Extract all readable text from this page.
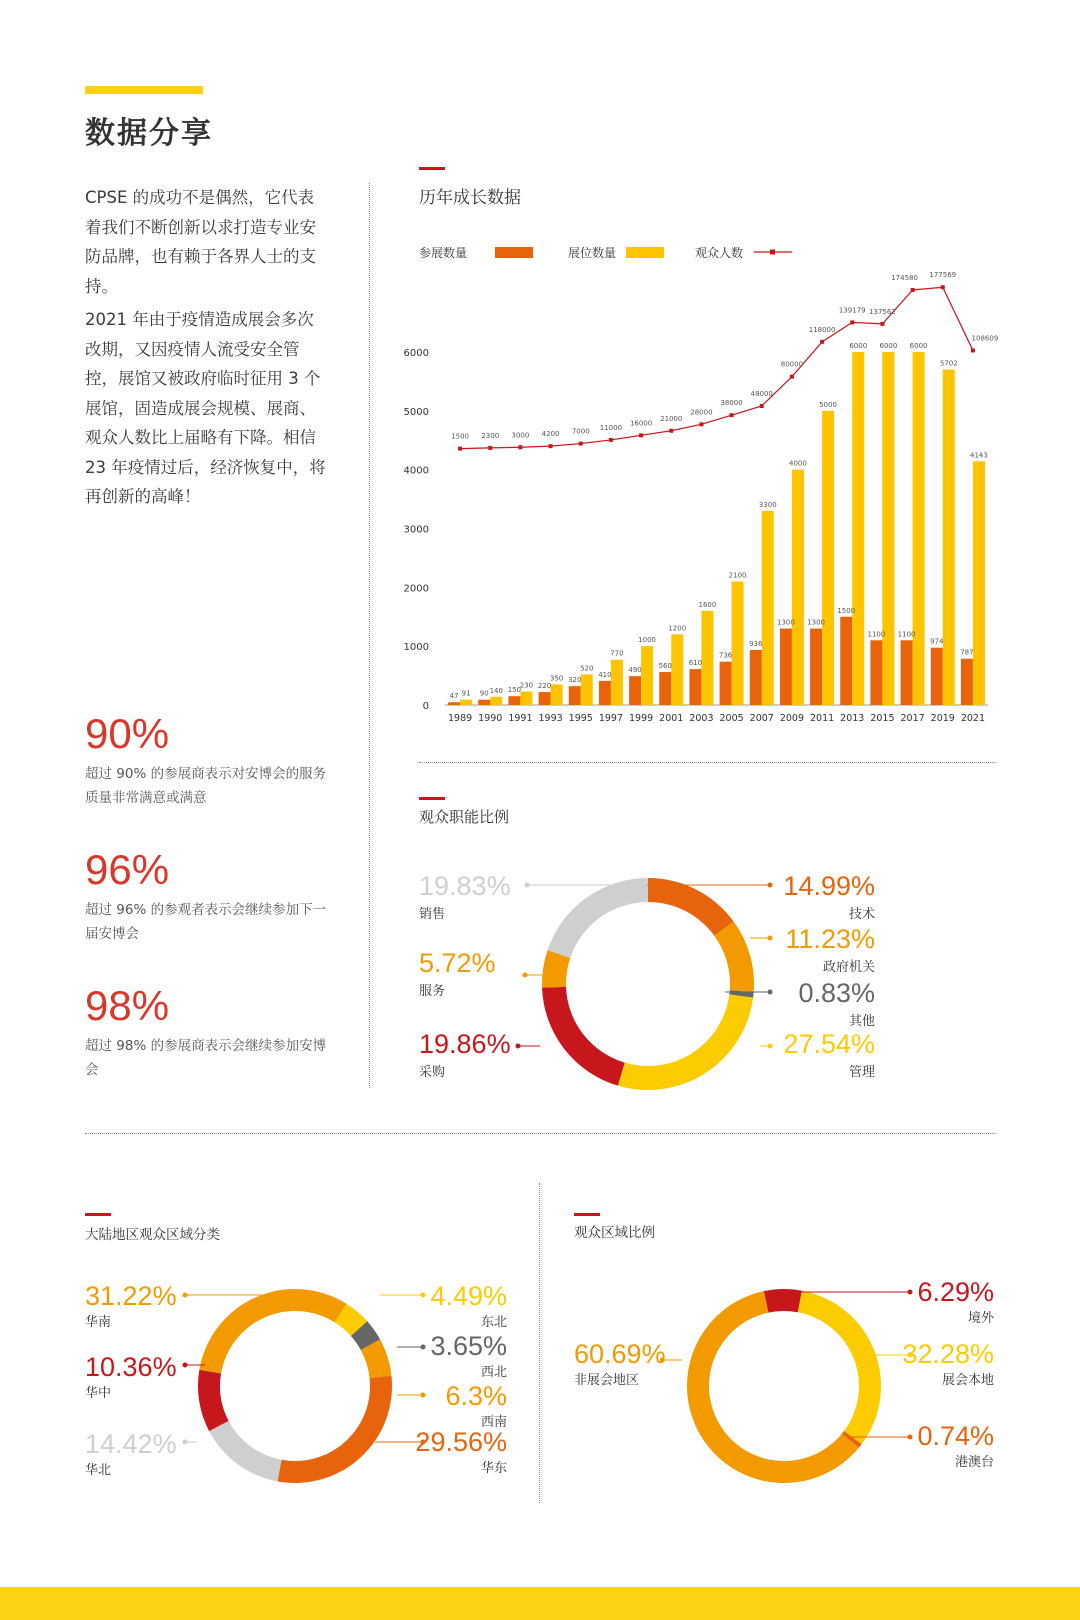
数据分享

CPSE 的成功不是偶然，它代表着我们不断创新以求打造专业安防品牌，也有赖于各界人士的支持。

2021 年由于疫情造成展会多次改期，又因疫情人流受安全管控，展馆又被政府临时征用 3 个展馆，固造成展会规模、展商、观众人数比上届略有下降。相信 23 年疫情过后，经济恢复中，将再创新的高峰！

90%
超过 90% 的参展商表示对安博会的服务质量非常满意或满意
96%
超过 96% 的参观者表示会继续参加下一届安博会
98%
超过 98% 的参展商表示会继续参加安博会
历年成长数据
参展数量	展位数量	观众人数
0
1000
2000
3000
4000
5000
6000
47 91
1989
90 140
1990
150
230
1991
220
350
1993
320
520
1995
410
770
1997
490
1000
1999
560
1200
2001
610
1600
2003
736
2100
2005
936
3300
2007
1300
4000
2009
1300
5000
2011
1500
6000
2013
1100
6000
2015
1100
6000
2017
974
5702
2019
787
4143
2021
1500 2300 3000 4200 7000 11000
16000
21000
28000
38000
48000
80000
118000
139179 137562
174580 177569
108609
观众职能比例
19.83%
销售
5.72%
服务
19.86%
采购
14.99%
技术
11.23%
政府机关
0.83%
其他
27.54%
管理
大陆地区观众区域分类
31.22%
华南
10.36%
华中
14.42%
华北
4.49%
东北
3.65%
西北
6.3%
西南
29.56%
华东
观众区域比例
60.69%
非展会地区
6.29%
境外
32.28%
展会本地
0.74%
港澳台
